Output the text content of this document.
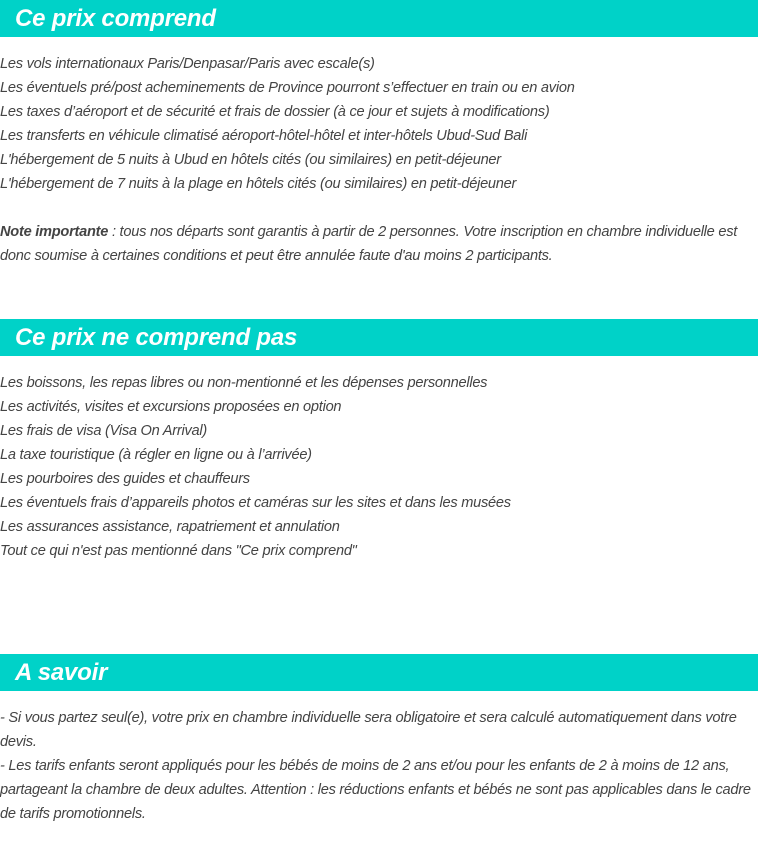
Ce prix comprend
Les vols internationaux Paris/Denpasar/Paris avec escale(s)
Les éventuels pré/post acheminements de Province pourront s’effectuer en train ou en avion
Les taxes d’aéroport et de sécurité et frais de dossier (à ce jour et sujets à modifications)
Les transferts en véhicule climatisé aéroport-hôtel-hôtel et inter-hôtels Ubud-Sud Bali
L'hébergement de 5 nuits à Ubud en hôtels cités (ou similaires) en petit-déjeuner
L'hébergement de 7 nuits à la plage en hôtels cités (ou similaires) en petit-déjeuner
Note importante : tous nos départs sont garantis à partir de 2 personnes. Votre inscription en chambre individuelle est donc soumise à certaines conditions et peut être annulée faute d'au moins 2 participants.
Ce prix ne comprend pas
Les boissons, les repas libres ou non-mentionné et les dépenses personnelles
Les activités, visites et excursions proposées en option
Les frais de visa (Visa On Arrival)
La taxe touristique (à régler en ligne ou à l’arrivée)
Les pourboires des guides et chauffeurs
Les éventuels frais d’appareils photos et caméras sur les sites et dans les musées
Les assurances assistance, rapatriement et annulation
Tout ce qui n'est pas mentionné dans "Ce prix comprend"
A savoir

- Si vous partez seul(e), votre prix en chambre individuelle sera obligatoire et sera calculé automatiquement dans votre devis.

- Les tarifs enfants seront appliqués pour les bébés de moins de 2 ans et/ou pour les enfants de 2 à moins de 12 ans, partageant la chambre de deux adultes. Attention : les réductions enfants et bébés ne sont pas applicables dans le cadre de tarifs promotionnels.
